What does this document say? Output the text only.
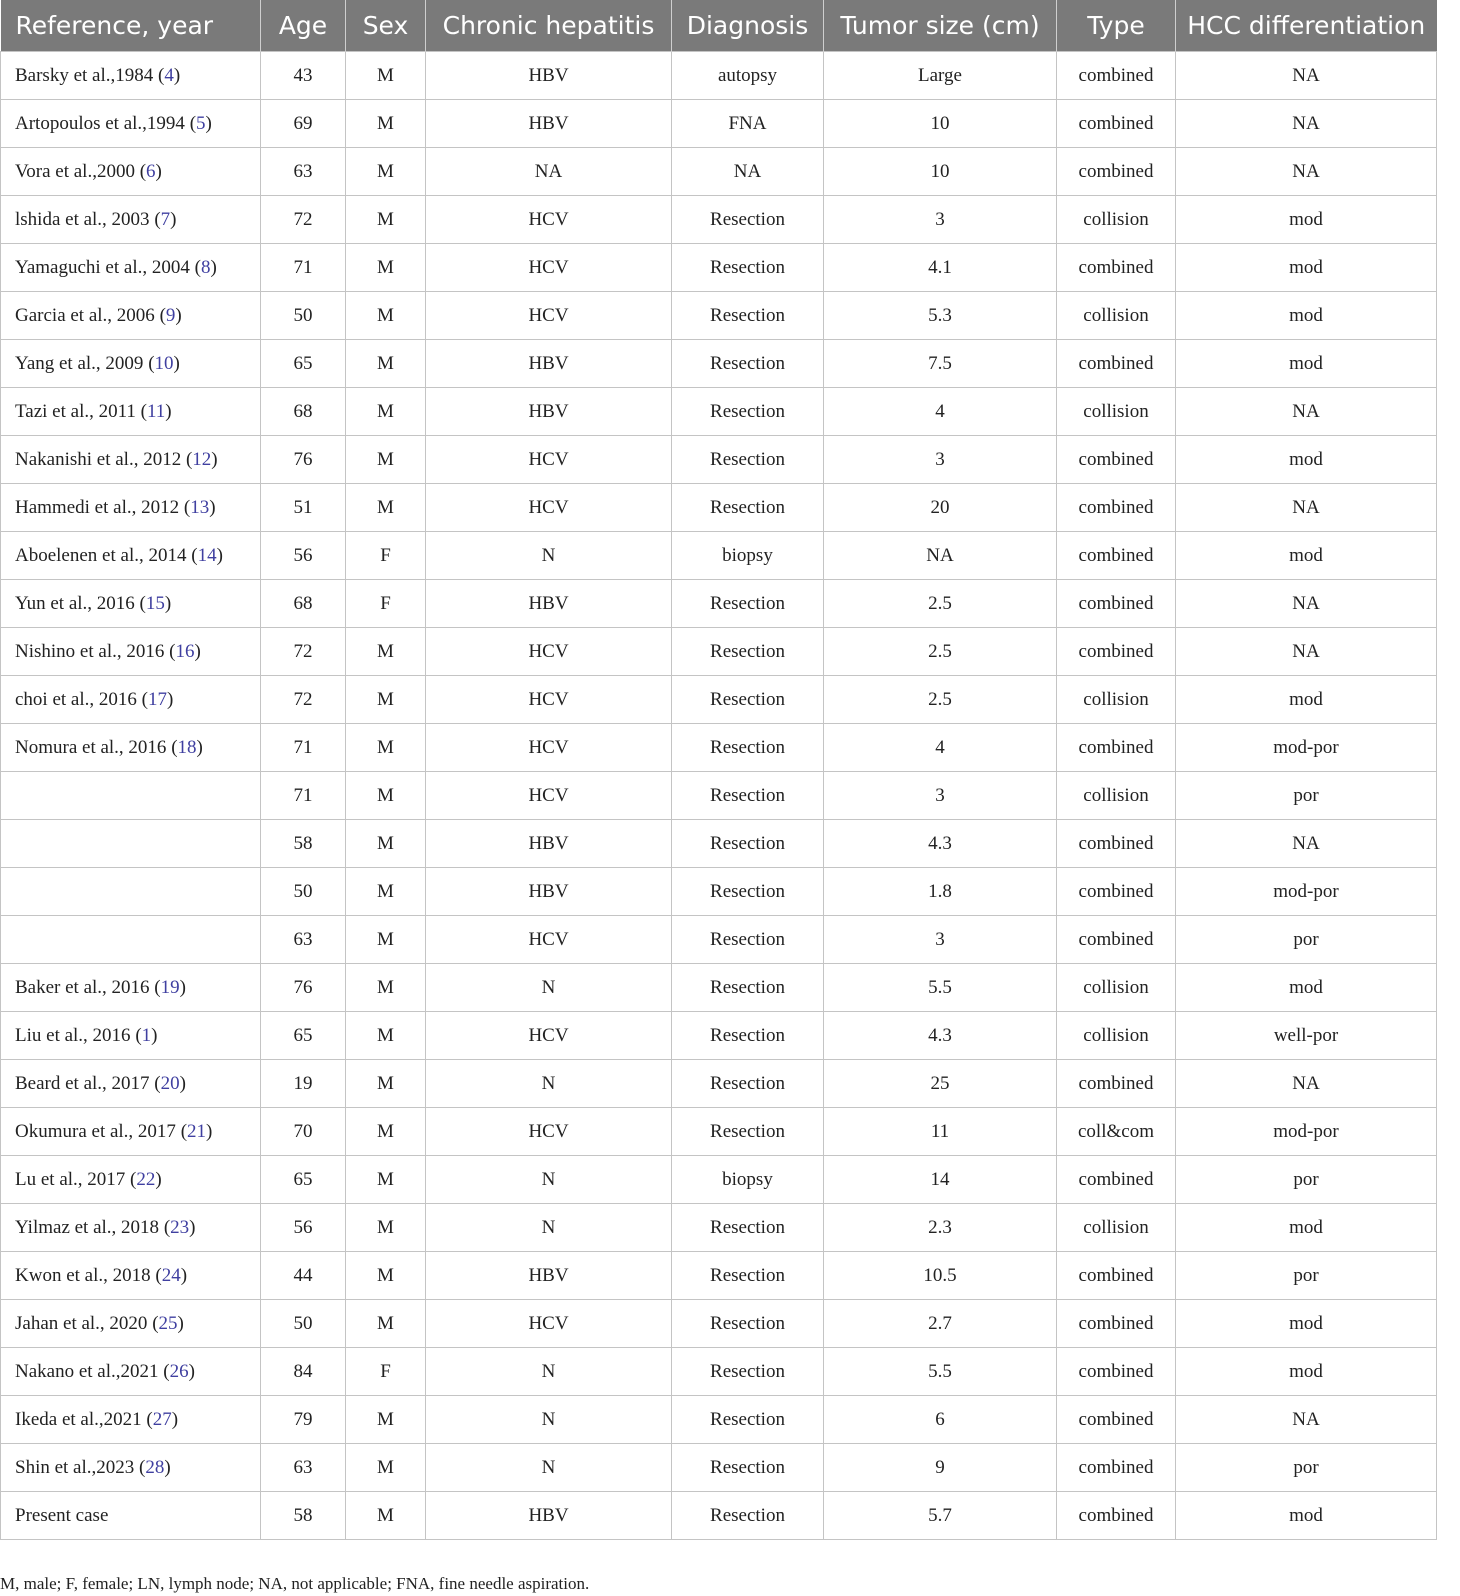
Reference, year	Age	Sex	Chronic hepatitis	Diagnosis	Tumor size (cm)	Type	HCC differentiation
Barsky et al.,1984 (4)	43	M	HBV	autopsy	Large	combined	NA
Artopoulos et al.,1994 (5)	69	M	HBV	FNA	10	combined	NA
Vora et al.,2000 (6)	63	M	NA	NA	10	combined	NA
lshida et al., 2003 (7)	72	M	HCV	Resection	3	collision	mod
Yamaguchi et al., 2004 (8)	71	M	HCV	Resection	4.1	combined	mod
Garcia et al., 2006 (9)	50	M	HCV	Resection	5.3	collision	mod
Yang et al., 2009 (10)	65	M	HBV	Resection	7.5	combined	mod
Tazi et al., 2011 (11)	68	M	HBV	Resection	4	collision	NA
Nakanishi et al., 2012 (12)	76	M	HCV	Resection	3	combined	mod
Hammedi et al., 2012 (13)	51	M	HCV	Resection	20	combined	NA
Aboelenen et al., 2014 (14)	56	F	N	biopsy	NA	combined	mod
Yun et al., 2016 (15)	68	F	HBV	Resection	2.5	combined	NA
Nishino et al., 2016 (16)	72	M	HCV	Resection	2.5	combined	NA
choi et al., 2016 (17)	72	M	HCV	Resection	2.5	collision	mod
Nomura et al., 2016 (18)	71	M	HCV	Resection	4	combined	mod-por
	71	M	HCV	Resection	3	collision	por
	58	M	HBV	Resection	4.3	combined	NA
	50	M	HBV	Resection	1.8	combined	mod-por
	63	M	HCV	Resection	3	combined	por
Baker et al., 2016 (19)	76	M	N	Resection	5.5	collision	mod
Liu et al., 2016 (1)	65	M	HCV	Resection	4.3	collision	well-por
Beard et al., 2017 (20)	19	M	N	Resection	25	combined	NA
Okumura et al., 2017 (21)	70	M	HCV	Resection	11	coll&com	mod-por
Lu et al., 2017 (22)	65	M	N	biopsy	14	combined	por
Yilmaz et al., 2018 (23)	56	M	N	Resection	2.3	collision	mod
Kwon et al., 2018 (24)	44	M	HBV	Resection	10.5	combined	por
Jahan et al., 2020 (25)	50	M	HCV	Resection	2.7	combined	mod
Nakano et al.,2021 (26)	84	F	N	Resection	5.5	combined	mod
Ikeda et al.,2021 (27)	79	M	N	Resection	6	combined	NA
Shin et al.,2023 (28)	63	M	N	Resection	9	combined	por
Present case	58	M	HBV	Resection	5.7	combined	mod
M, male; F, female; LN, lymph node; NA, not applicable; FNA, fine needle aspiration.
